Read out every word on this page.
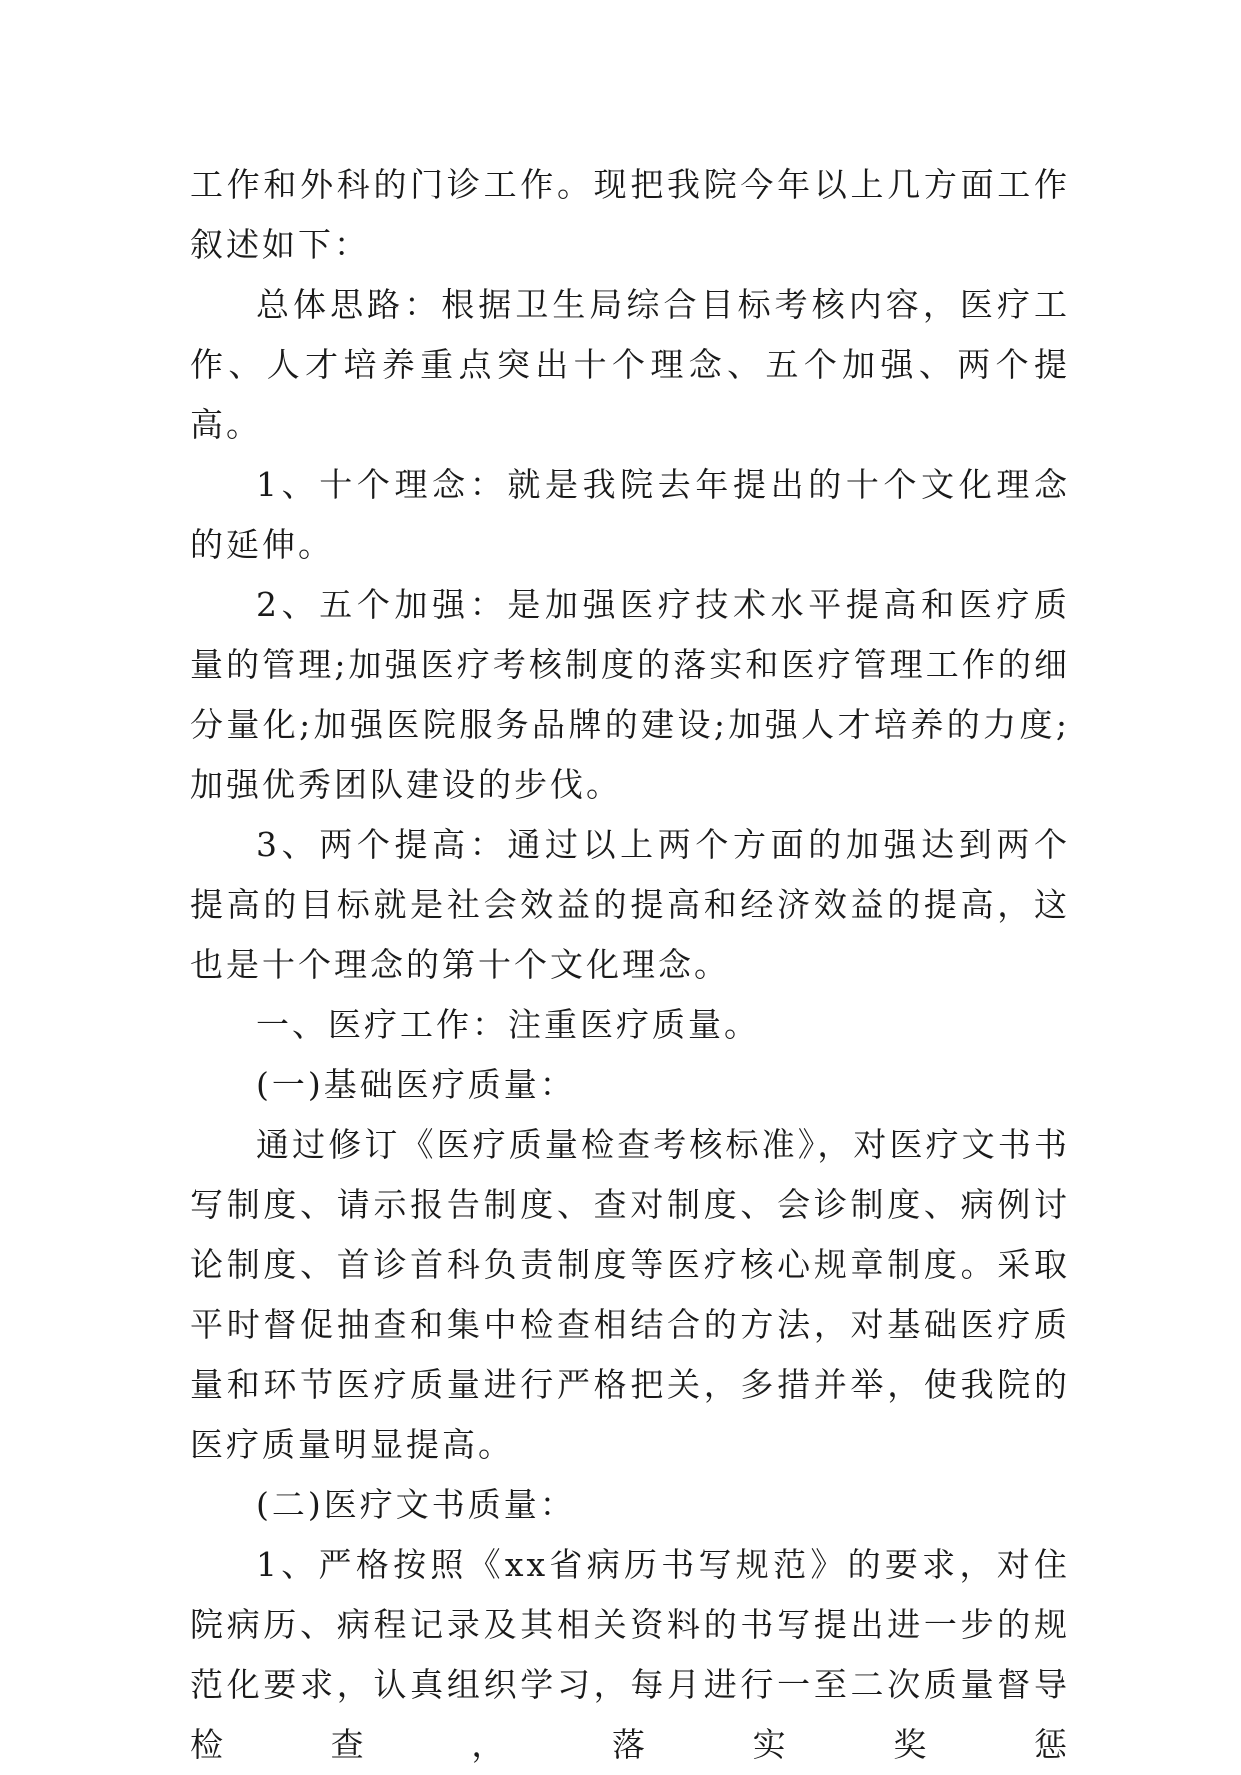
工作和外科的门诊工作。现把我院今年以上几方面工作叙述如下：

总体思路：根据卫生局综合目标考核内容，医疗工作、人才培养重点突出十个理念、五个加强、两个提高。

1、十个理念：就是我院去年提出的十个文化理念的延伸。

2、五个加强：是加强医疗技术水平提高和医疗质量的管理;加强医疗考核制度的落实和医疗管理工作的细分量化;加强医院服务品牌的建设;加强人才培养的力度;加强优秀团队建设的步伐。

3、两个提高：通过以上两个方面的加强达到两个提高的目标就是社会效益的提高和经济效益的提高，这也是十个理念的第十个文化理念。

一、医疗工作：注重医疗质量。

(一)基础医疗质量：

通过修订《医疗质量检查考核标准》，对医疗文书书写制度、请示报告制度、查对制度、会诊制度、病例讨论制度、首诊首科负责制度等医疗核心规章制度。采取平时督促抽查和集中检查相结合的方法，对基础医疗质量和环节医疗质量进行严格把关，多措并举，使我院的医疗质量明显提高。

(二)医疗文书质量：

1、严格按照《xx省病历书写规范》的要求，对住院病历、病程记录及其相关资料的书写提出进一步的规范化要求，认真组织学习，每月进行一至二次质量督导检查，落实奖惩
